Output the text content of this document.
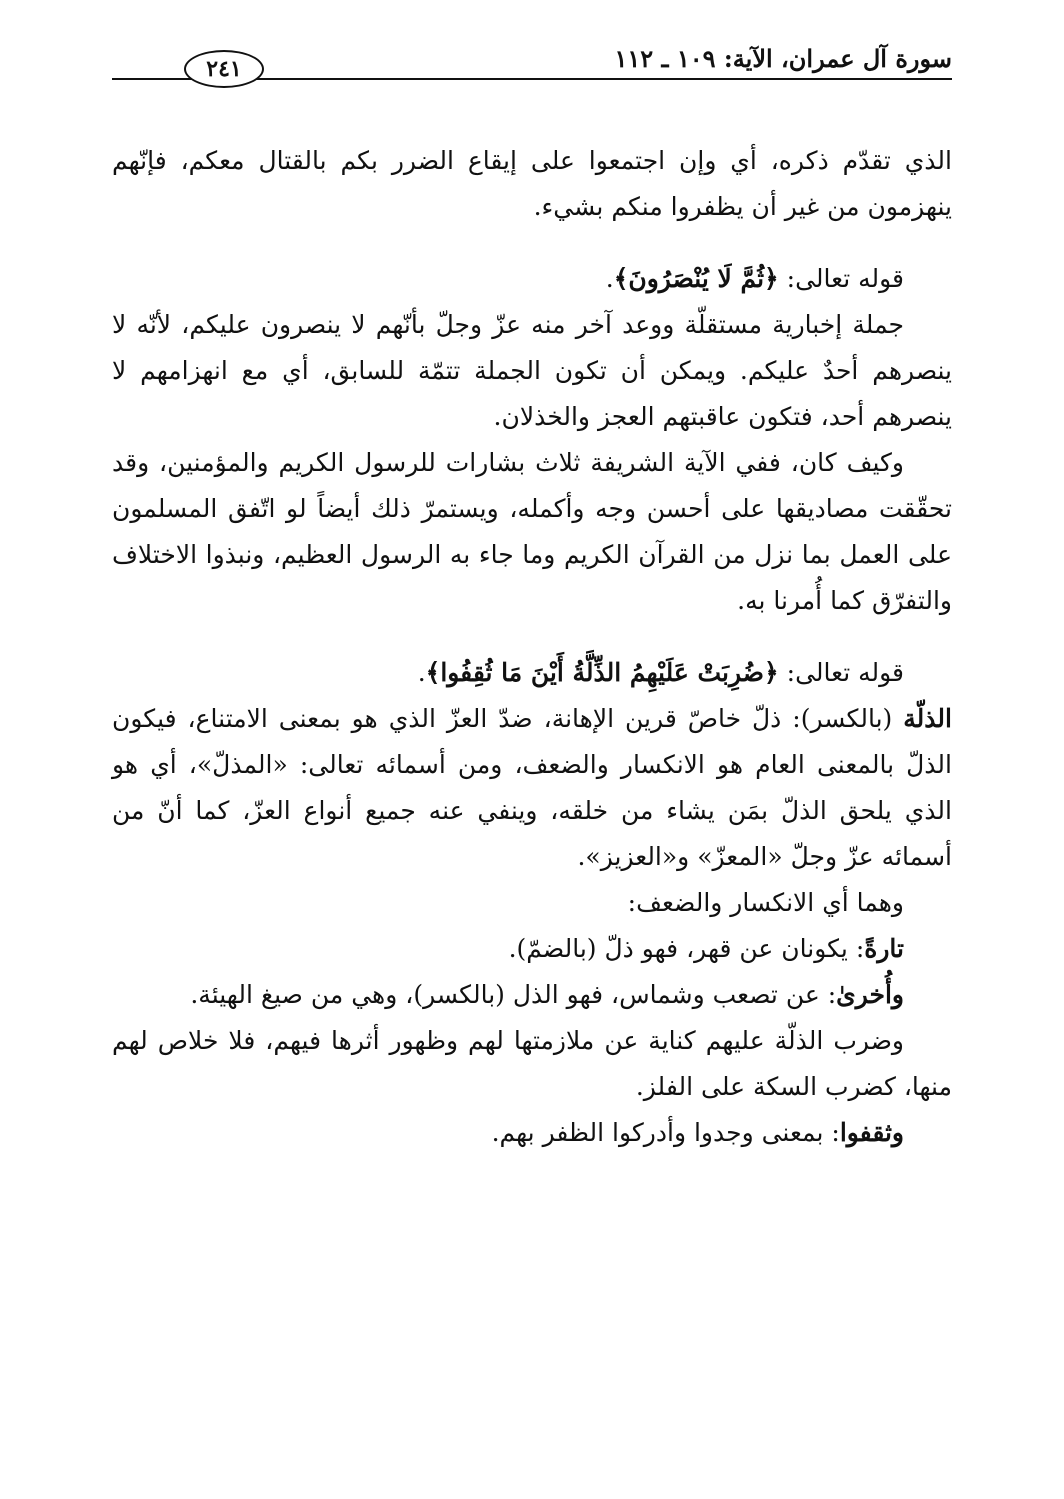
سورة آل عمران، الآية: ١٠٩ ـ ١١٢
٢٤١

الذي تقدّم ذكره، أي وإن اجتمعوا على إيقاع الضرر بكم بالقتال معكم، فإنّهم ينهزمون من غير أن يظفروا منكم بشيء.

قوله تعالى: ﴿ثُمَّ لَا يُنْصَرُونَ﴾.

جملة إخبارية مستقلّة ووعد آخر منه عزّ وجلّ بأنّهم لا ينصرون عليكم، لأنّه لا ينصرهم أحدٌ عليكم. ويمكن أن تكون الجملة تتمّة للسابق، أي مع انهزامهم لا ينصرهم أحد، فتكون عاقبتهم العجز والخذلان.

وكيف كان، ففي الآية الشريفة ثلاث بشارات للرسول الكريم والمؤمنين، وقد تحقّقت مصاديقها على أحسن وجه وأكمله، ويستمرّ ذلك أيضاً لو اتّفق المسلمون على العمل بما نزل من القرآن الكريم وما جاء به الرسول العظيم، ونبذوا الاختلاف والتفرّق كما أُمرنا به.

قوله تعالى: ﴿ضُرِبَتْ عَلَيْهِمُ الذِّلَّةُ أَيْنَ مَا ثُقِفُوا﴾.

الذلّة (بالكسر): ذلّ خاصّ قرين الإهانة، ضدّ العزّ الذي هو بمعنى الامتناع، فيكون الذلّ بالمعنى العام هو الانكسار والضعف، ومن أسمائه تعالى: «المذلّ»، أي هو الذي يلحق الذلّ بمَن يشاء من خلقه، وينفي عنه جميع أنواع العزّ، كما أنّ من أسمائه عزّ وجلّ «المعزّ» و«العزيز».

وهما أي الانكسار والضعف:

تارةً: يكونان عن قهر، فهو ذلّ (بالضمّ).

وأُخرىٰ: عن تصعب وشماس، فهو الذل (بالكسر)، وهي من صيغ الهيئة.

وضرب الذلّة عليهم كناية عن ملازمتها لهم وظهور أثرها فيهم، فلا خلاص لهم منها، كضرب السكة على الفلز.

وثقفوا: بمعنى وجدوا وأدركوا الظفر بهم.
